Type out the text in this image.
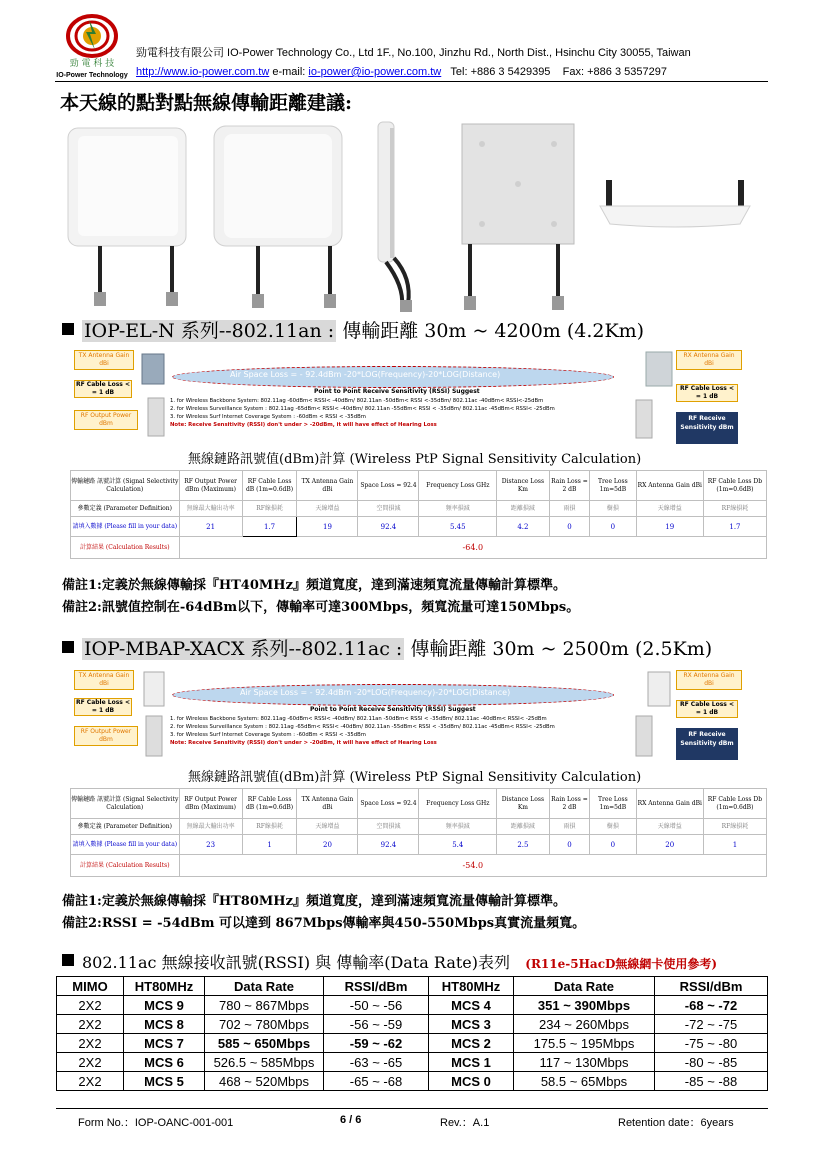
勁 電 科 技
IO-Power Technology
勁電科技有限公司 IO-Power Technology Co., Ltd 1F., No.100, Jinzhu Rd., North Dist., Hsinchu City 30055, Taiwan
http://www.io-power.com.tw e-mail: io-power@io-power.com.tw Tel: +886 3 5429395 Fax: +886 3 5357297
本天線的點對點無線傳輸距離建議:
IOP-EL-N 系列--802.11an : 傳輸距離 30m ~ 4200m (4.2Km)
TX Antenna Gain dBi
RF Cable Loss < = 1 dB
RF Output Power dBm
Air Space Loss = - 92.4dBm -20*LOG(Frequency)-20*LOG(Distance)
Point to Point Receive Sensitivity (RSSI) Suggest
1. for Wireless Backbone System: 802.11ag -60dBm< RSSI< -40dBm/ 802.11an -50dBm< RSSI <-35dBm/ 802.11ac -40dBm< RSSI<-25dBm
2. for Wireless Surveillance System : 802.11ag -65dBm< RSSI< -40dBm/ 802.11an -55dBm< RSSI < -35dBm/ 802.11ac -45dBm< RSSI< -25dBm
3. for Wireless Surf Internet Coverage System : -60dBm < RSSI < -35dBm
Note: Receive Sensitivity (RSSI) don't under > -20dBm, it will have effect of Hearing Loss
RX Antenna Gain dBi
RF Cable Loss < = 1 dB
RF Receive Sensitivity dBm
無線鏈路訊號值(dBm)計算 (Wireless PtP Signal Sensitivity Calculation)
傳輸鏈路 訊號計算 (Signal Selectivity Calculation)	RF Output Power dBm (Maximum)	RF Cable Loss dB (1m=0.6dB)	TX Antenna Gain dBi	Space Loss = 92.4	Frequency Loss GHz	Distance Loss Km	Rain Loss = 2 dB	Tree Loss 1m=5dB	RX Antenna Gain dBi	RF Cable Loss Db (1m=0.6dB)
參數定義 (Parameter Definition)	無線最大輸出功率	RF線損耗	天線增益	空間損減	頻率損減	距離損減	雨損	樹損	天線增益	RF線損耗
請填入數據 (Please fill in your data)	21	1.7	19	92.4	5.45	4.2	0	0	19	1.7
計算結果 (Calculation Results)	-64.0									
備註1:定義於無線傳輸採『HT40MHz』頻道寬度，達到滿速頻寬流量傳輸計算標準。
備註2:訊號值控制在-64dBm以下，傳輸率可達300Mbps，頻寬流量可達150Mbps。
IOP-MBAP-XACX 系列--802.11ac : 傳輸距離 30m ~ 2500m (2.5Km)
TX Antenna Gain dBi
RF Cable Loss < = 1 dB
RF Output Power dBm
Air Space Loss = - 92.4dBm -20*LOG(Frequency)-20*LOG(Distance)
Point to Point Receive Sensitivity (RSSI) Suggest
1. for Wireless Backbone System: 802.11ag -60dBm< RSSI< -40dBm/ 802.11an -50dBm< RSSI < -35dBm/ 802.11ac -40dBm< RSSI< -25dBm
2. for Wireless Surveillance System : 802.11ag -65dBm< RSSI< -40dBm/ 802.11an -55dBm< RSSI < -35dBm/ 802.11ac -45dBm< RSSI< -25dBm
3. for Wireless Surf Internet Coverage System : -60dBm < RSSI < -35dBm
Note: Receive Sensitivity (RSSI) don't under > -20dBm, it will have effect of Hearing Loss
RX Antenna Gain dBi
RF Cable Loss < = 1 dB
RF Receive Sensitivity dBm
無線鏈路訊號值(dBm)計算 (Wireless PtP Signal Sensitivity Calculation)
傳輸鏈路 訊號計算 (Signal Selectivity Calculation)	RF Output Power dBm (Maximum)	RF Cable Loss dB (1m=0.6dB)	TX Antenna Gain dBi	Space Loss = 92.4	Frequency Loss GHz	Distance Loss Km	Rain Loss = 2 dB	Tree Loss 1m=5dB	RX Antenna Gain dBi	RF Cable Loss Db (1m=0.6dB)
參數定義 (Parameter Definition)	無線最大輸出功率	RF線損耗	天線增益	空間損減	頻率損減	距離損減	雨損	樹損	天線增益	RF線損耗
請填入數據 (Please fill in your data)	23	1	20	92.4	5.4	2.5	0	0	20	1
計算結果 (Calculation Results)	-54.0									
備註1:定義於無線傳輸採『HT80MHz』頻道寬度，達到滿速頻寬流量傳輸計算標準。
備註2:RSSI = -54dBm 可以達到 867Mbps傳輸率與450-550Mbps真實流量頻寬。
802.11ac 無線接收訊號(RSSI) 與 傳輸率(Data Rate)表列 (R11e-5HacD無線網卡使用參考)
MIMO	HT80MHz	Data Rate	RSSI/dBm	HT80MHz	Data Rate	RSSI/dBm
2X2	MCS 9	780 ~ 867Mbps	-50 ~ -56	MCS 4	351 ~ 390Mbps	-68 ~ -72
2X2	MCS 8	702 ~ 780Mbps	-56 ~ -59	MCS 3	234 ~ 260Mbps	-72 ~ -75
2X2	MCS 7	585 ~ 650Mbps	-59 ~ -62	MCS 2	175.5 ~ 195Mbps	-75 ~ -80
2X2	MCS 6	526.5 ~ 585Mbps	-63 ~ -65	MCS 1	117 ~ 130Mbps	-80 ~ -85
2X2	MCS 5	468 ~ 520Mbps	-65 ~ -68	MCS 0	58.5 ~ 65Mbps	-85 ~ -88
Form No.：IOP-OANC-001-001	6 / 6	Rev.：A.1	Retention date：6years
